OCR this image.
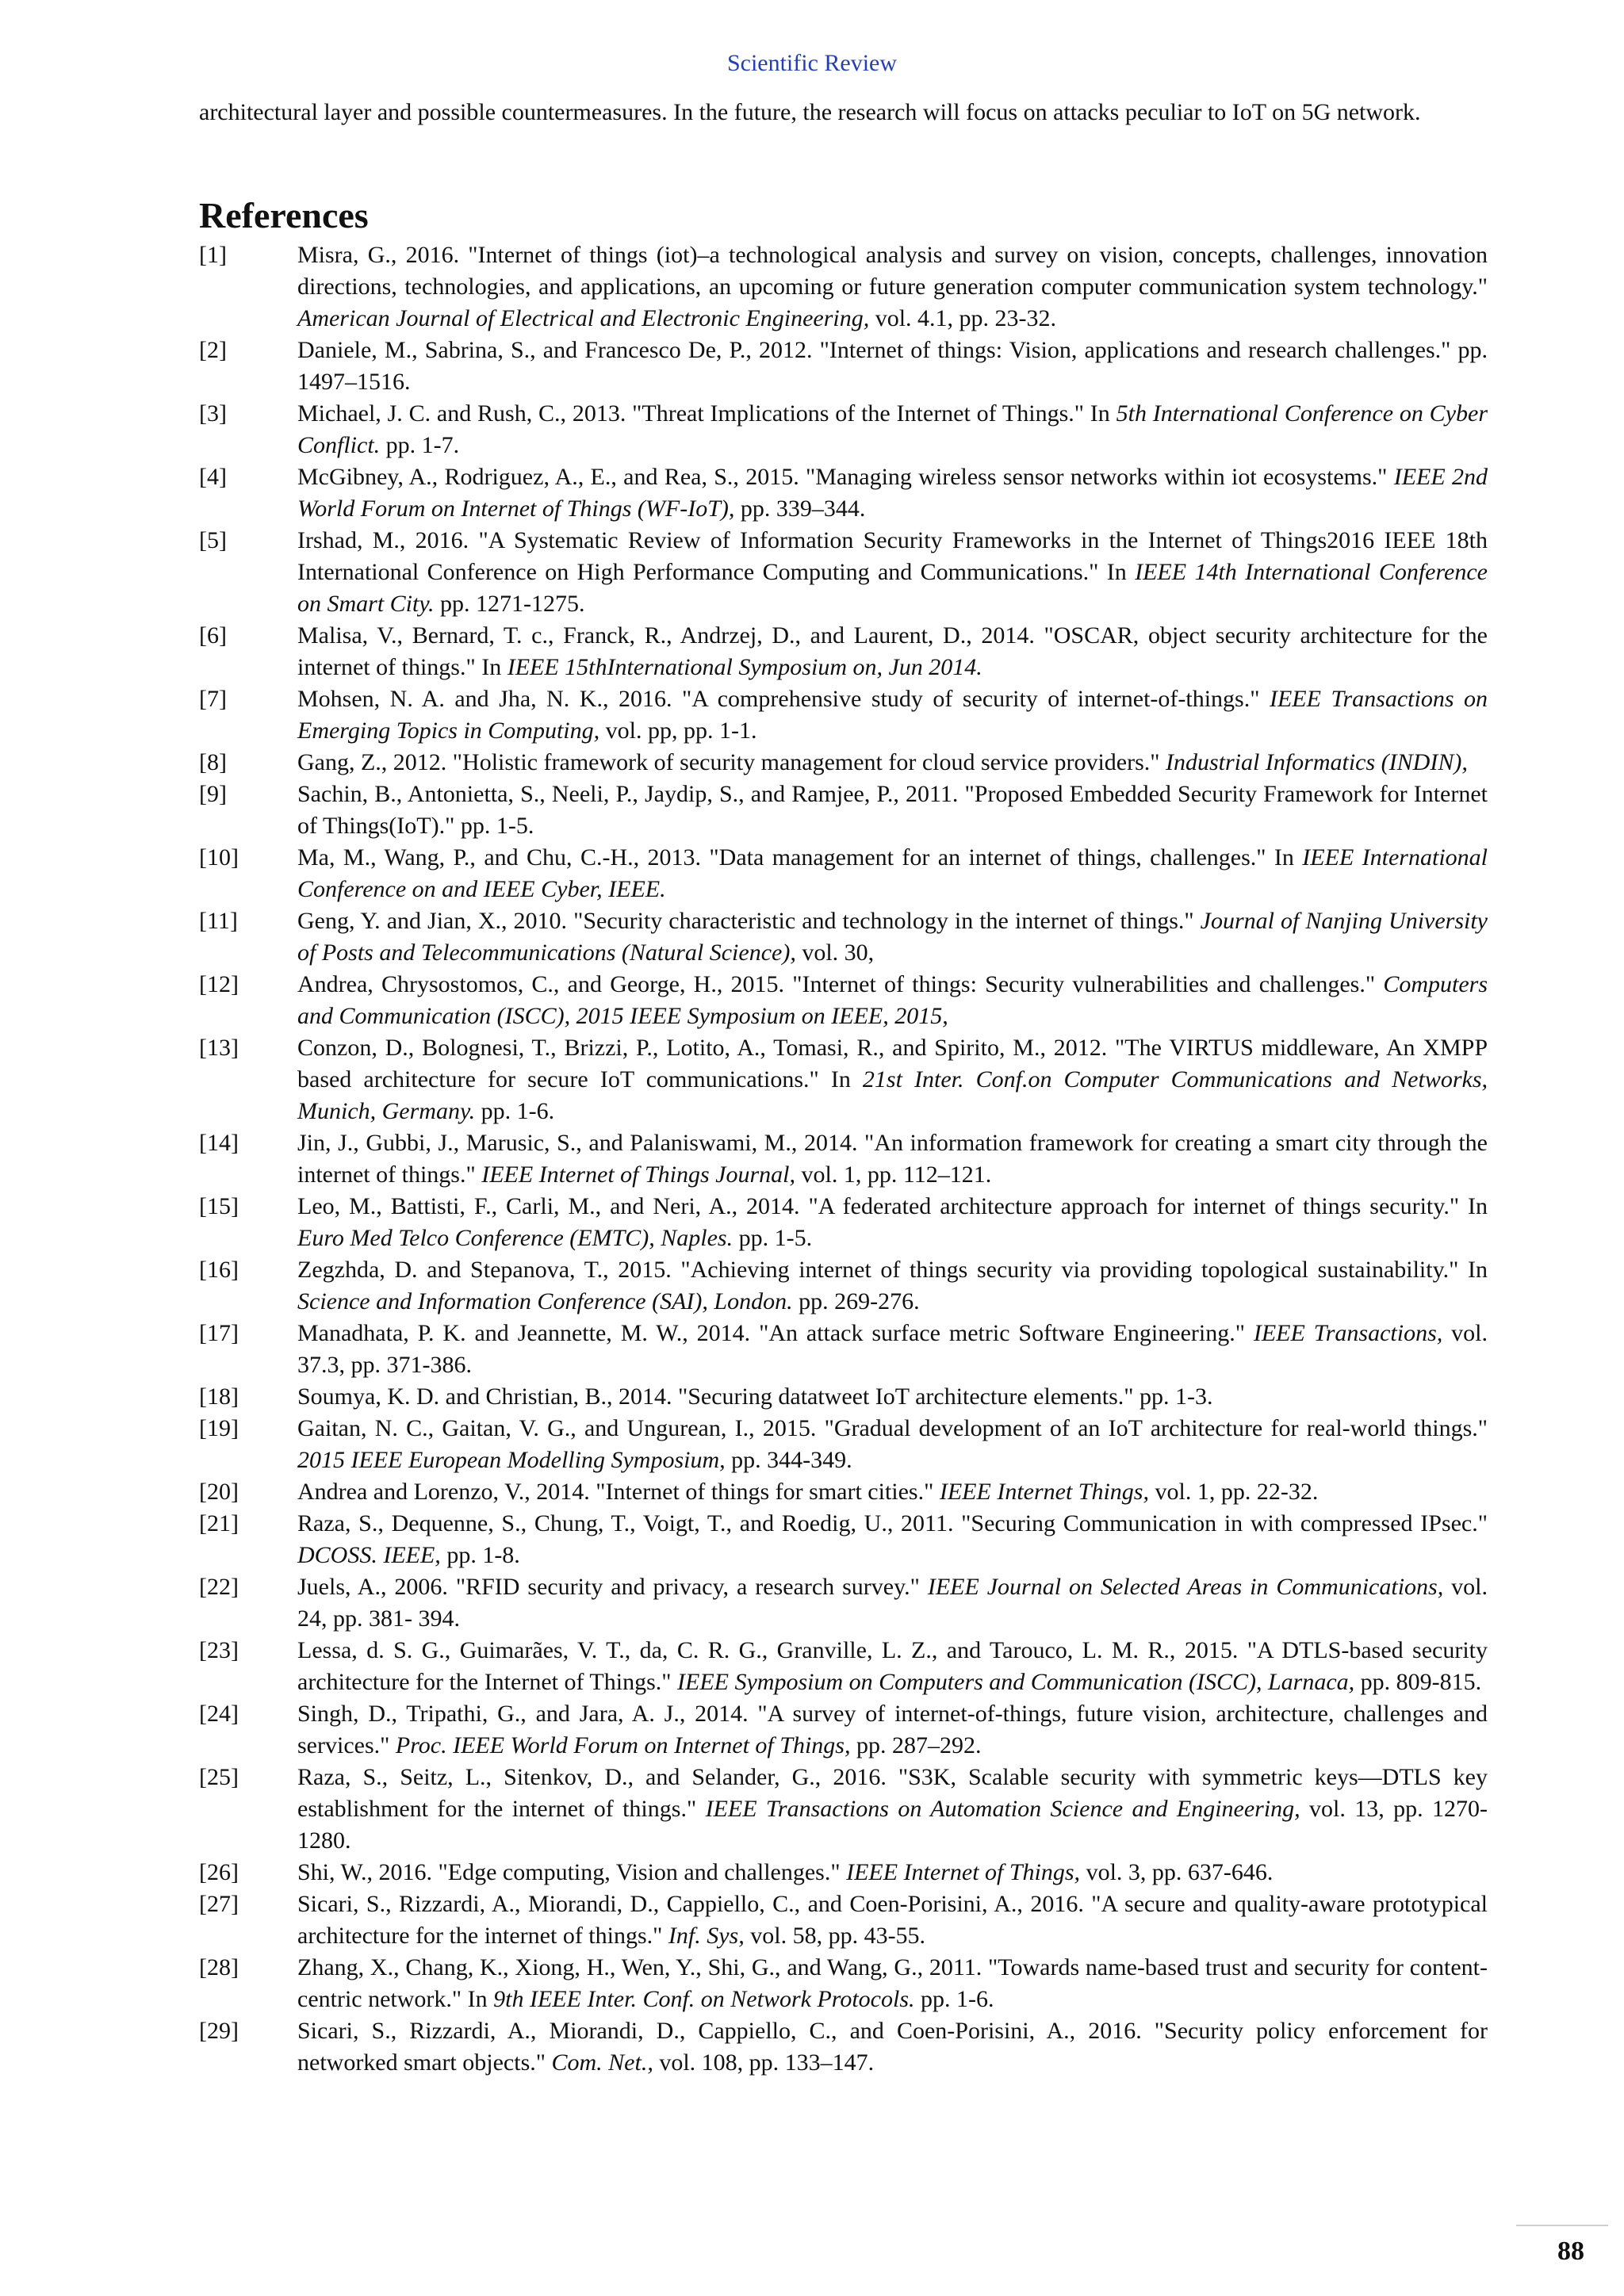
Scientific Review
architectural layer and possible countermeasures. In the future, the research will focus on attacks peculiar to IoT on 5G network.
References
[1]	Misra, G., 2016. "Internet of things (iot)–a technological analysis and survey on vision, concepts, challenges, innovation directions, technologies, and applications, an upcoming or future generation computer communication system technology." American Journal of Electrical and Electronic Engineering, vol. 4.1, pp. 23-32.
[2]	Daniele, M., Sabrina, S., and Francesco De, P., 2012. "Internet of things: Vision, applications and research challenges." pp. 1497–1516.
[3]	Michael, J. C. and Rush, C., 2013. "Threat Implications of the Internet of Things." In 5th International Conference on Cyber Conflict. pp. 1-7.
[4]	McGibney, A., Rodriguez, A., E., and Rea, S., 2015. "Managing wireless sensor networks within iot ecosystems." IEEE 2nd World Forum on Internet of Things (WF-IoT), pp. 339–344.
[5]	Irshad, M., 2016. "A Systematic Review of Information Security Frameworks in the Internet of Things2016 IEEE 18th International Conference on High Performance Computing and Communications." In IEEE 14th International Conference on Smart City. pp. 1271-1275.
[6]	Malisa, V., Bernard, T. c., Franck, R., Andrzej, D., and Laurent, D., 2014. "OSCAR, object security architecture for the internet of things." In IEEE 15thInternational Symposium on, Jun 2014.
[7]	Mohsen, N. A. and Jha, N. K., 2016. "A comprehensive study of security of internet-of-things." IEEE Transactions on Emerging Topics in Computing, vol. pp, pp. 1-1.
[8]	Gang, Z., 2012. "Holistic framework of security management for cloud service providers." Industrial Informatics (INDIN),
[9]	Sachin, B., Antonietta, S., Neeli, P., Jaydip, S., and Ramjee, P., 2011. "Proposed Embedded Security Framework for Internet of Things(IoT)." pp. 1-5.
[10]	Ma, M., Wang, P., and Chu, C.-H., 2013. "Data management for an internet of things, challenges." In IEEE International Conference on and IEEE Cyber, IEEE.
[11]	Geng, Y. and Jian, X., 2010. "Security characteristic and technology in the internet of things." Journal of Nanjing University of Posts and Telecommunications (Natural Science), vol. 30,
[12]	Andrea, Chrysostomos, C., and George, H., 2015. "Internet of things: Security vulnerabilities and challenges." Computers and Communication (ISCC), 2015 IEEE Symposium on IEEE, 2015,
[13]	Conzon, D., Bolognesi, T., Brizzi, P., Lotito, A., Tomasi, R., and Spirito, M., 2012. "The VIRTUS middleware, An XMPP based architecture for secure IoT communications." In 21st Inter. Conf.on Computer Communications and Networks, Munich, Germany. pp. 1-6.
[14]	Jin, J., Gubbi, J., Marusic, S., and Palaniswami, M., 2014. "An information framework for creating a smart city through the internet of things." IEEE Internet of Things Journal, vol. 1, pp. 112–121.
[15]	Leo, M., Battisti, F., Carli, M., and Neri, A., 2014. "A federated architecture approach for internet of things security." In Euro Med Telco Conference (EMTC), Naples. pp. 1-5.
[16]	Zegzhda, D. and Stepanova, T., 2015. "Achieving internet of things security via providing topological sustainability." In Science and Information Conference (SAI), London. pp. 269-276.
[17]	Manadhata, P. K. and Jeannette, M. W., 2014. "An attack surface metric Software Engineering." IEEE Transactions, vol. 37.3, pp. 371-386.
[18]	Soumya, K. D. and Christian, B., 2014. "Securing datatweet IoT architecture elements." pp. 1-3.
[19]	Gaitan, N. C., Gaitan, V. G., and Ungurean, I., 2015. "Gradual development of an IoT architecture for real-world things." 2015 IEEE European Modelling Symposium, pp. 344-349.
[20]	Andrea and Lorenzo, V., 2014. "Internet of things for smart cities." IEEE Internet Things, vol. 1, pp. 22-32.
[21]	Raza, S., Dequenne, S., Chung, T., Voigt, T., and Roedig, U., 2011. "Securing Communication in with compressed IPsec." DCOSS. IEEE, pp. 1-8.
[22]	Juels, A., 2006. "RFID security and privacy, a research survey." IEEE Journal on Selected Areas in Communications, vol. 24, pp. 381- 394.
[23]	Lessa, d. S. G., Guimarães, V. T., da, C. R. G., Granville, L. Z., and Tarouco, L. M. R., 2015. "A DTLS-based security architecture for the Internet of Things." IEEE Symposium on Computers and Communication (ISCC), Larnaca, pp. 809-815.
[24]	Singh, D., Tripathi, G., and Jara, A. J., 2014. "A survey of internet-of-things, future vision, architecture, challenges and services." Proc. IEEE World Forum on Internet of Things, pp. 287–292.
[25]	Raza, S., Seitz, L., Sitenkov, D., and Selander, G., 2016. "S3K, Scalable security with symmetric keys—DTLS key establishment for the internet of things." IEEE Transactions on Automation Science and Engineering, vol. 13, pp. 1270-1280.
[26]	Shi, W., 2016. "Edge computing, Vision and challenges." IEEE Internet of Things, vol. 3, pp. 637-646.
[27]	Sicari, S., Rizzardi, A., Miorandi, D., Cappiello, C., and Coen-Porisini, A., 2016. "A secure and quality-aware prototypical architecture for the internet of things." Inf. Sys, vol. 58, pp. 43-55.
[28]	Zhang, X., Chang, K., Xiong, H., Wen, Y., Shi, G., and Wang, G., 2011. "Towards name-based trust and security for content-centric network." In 9th IEEE Inter. Conf. on Network Protocols. pp. 1-6.
[29]	Sicari, S., Rizzardi, A., Miorandi, D., Cappiello, C., and Coen-Porisini, A., 2016. "Security policy enforcement for networked smart objects." Com. Net., vol. 108, pp. 133–147.
88
